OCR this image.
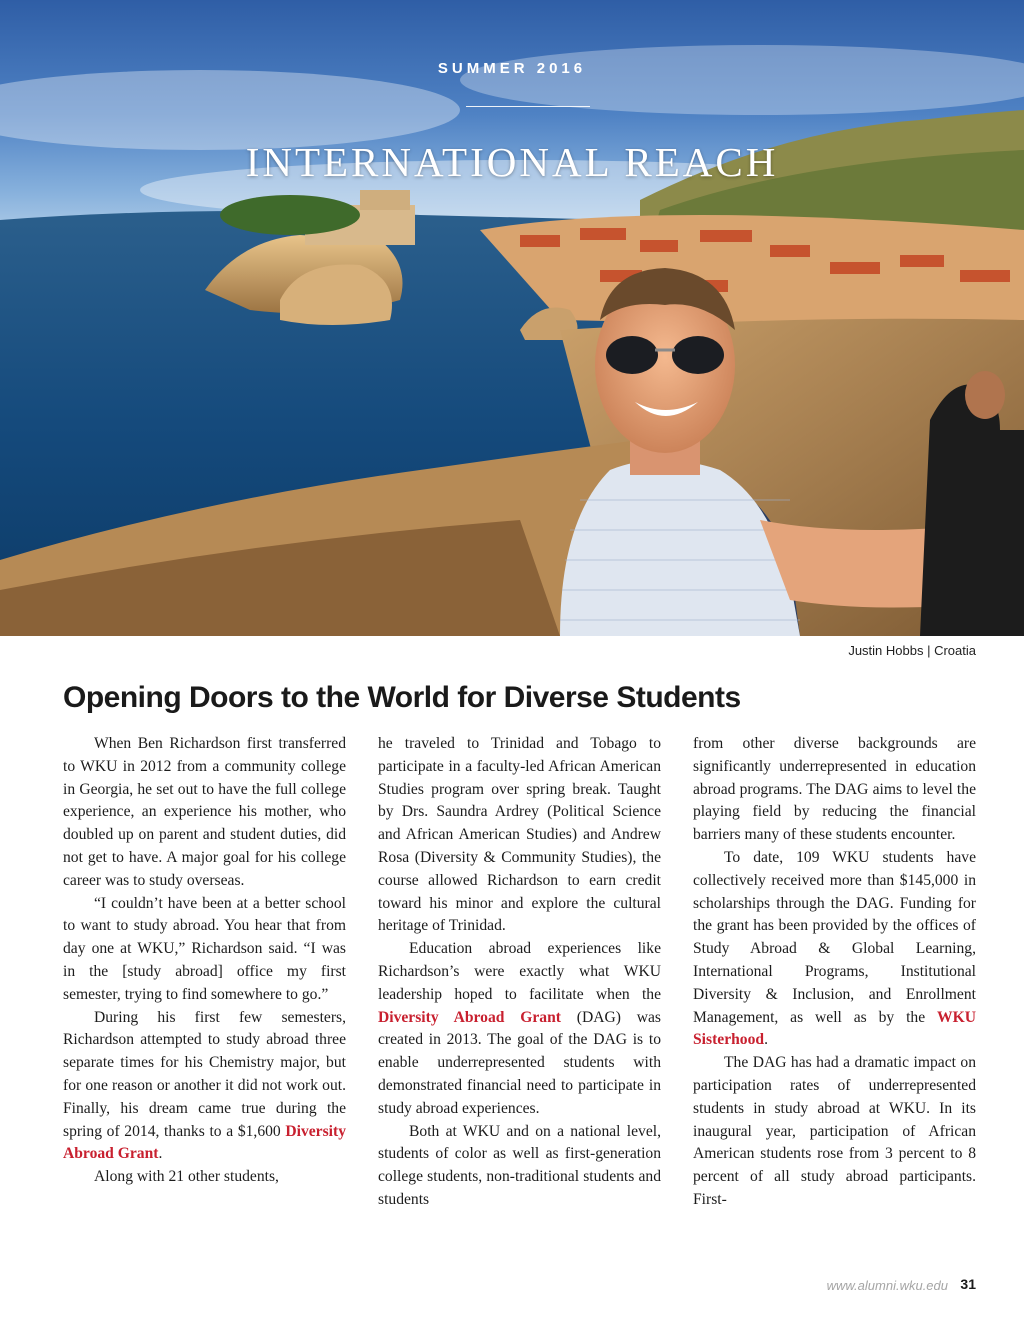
SUMMER 2016
INTERNATIONAL REACH
Justin Hobbs | Croatia
Opening Doors to the World for Diverse Students

When Ben Richardson first transferred to WKU in 2012 from a community college in Georgia, he set out to have the full college experience, an experience his mother, who doubled up on parent and student duties, did not get to have. A major goal for his college career was to study overseas.

“I couldn’t have been at a better school to want to study abroad. You hear that from day one at WKU,” Richardson said. “I was in the [study abroad] office my first semester, trying to find somewhere to go.”

During his first few semesters, Richardson attempted to study abroad three separate times for his Chemistry major, but for one reason or another it did not work out. Finally, his dream came true during the spring of 2014, thanks to a $1,600 Diversity Abroad Grant.

Along with 21 other students,

he traveled to Trinidad and Tobago to participate in a faculty-led African American Studies program over spring break. Taught by Drs. Saundra Ardrey (Political Science and African American Studies) and Andrew Rosa (Diversity & Community Studies), the course allowed Richardson to earn credit toward his minor and explore the cultural heritage of Trinidad.

Education abroad experiences like Richardson’s were exactly what WKU leadership hoped to facilitate when the Diversity Abroad Grant (DAG) was created in 2013. The goal of the DAG is to enable underrepresented students with demonstrated financial need to participate in study abroad experiences.

Both at WKU and on a national level, students of color as well as first-generation college students, non-traditional students and students

from other diverse backgrounds are significantly underrepresented in education abroad programs. The DAG aims to level the playing field by reducing the financial barriers many of these students encounter.

To date, 109 WKU students have collectively received more than $145,000 in scholarships through the DAG. Funding for the grant has been provided by the offices of Study Abroad & Global Learning, International Programs, Institutional Diversity & Inclusion, and Enrollment Management, as well as by the WKU Sisterhood.

The DAG has had a dramatic impact on participation rates of underrepresented students in study abroad at WKU. In its inaugural year, participation of African American students rose from 3 percent to 8 percent of all study abroad participants. First-

www.alumni.wku.edu 31
